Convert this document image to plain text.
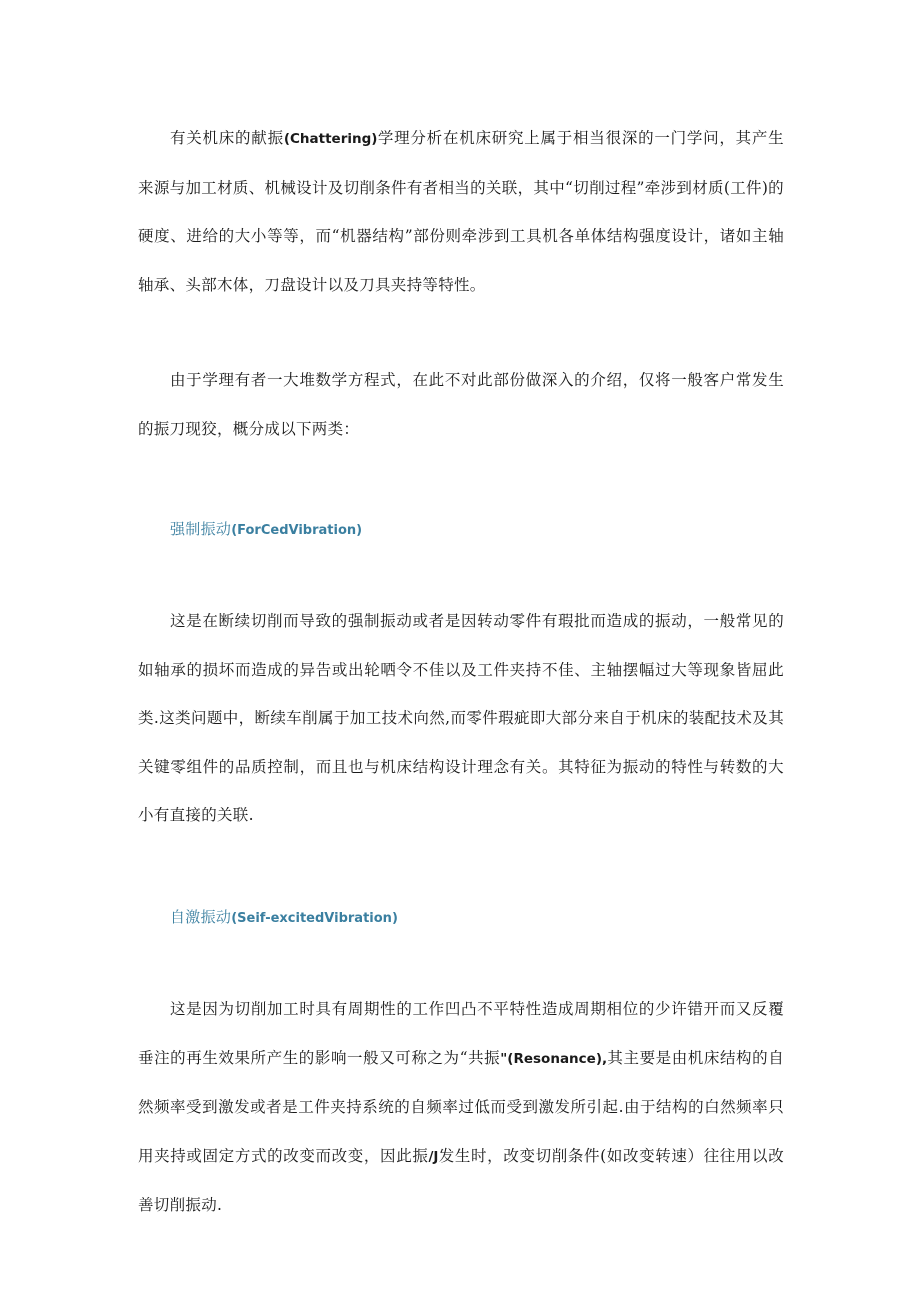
有关机床的献振(Chattering)学理分析在机床研究上属于相当很深的一门学问，其产生来源与加工材质、机械设计及切削条件有者相当的关联，其中“切削过程”牵涉到材质(工件)的硬度、进给的大小等等，而“机器结构”部份则牵涉到工具机各单体结构强度设计，诸如主轴轴承、头部木体，刀盘设计以及刀具夹持等特性。

由于学理有者一大堆数学方程式，在此不对此部份做深入的介绍，仅将一般客户常发生的振刀现狡，概分成以下两类：

强制振动(ForCedVibration)

这是在断续切削而导致的强制振动或者是因转动零件有瑕批而造成的振动，一般常见的如轴承的损坏而造成的异告或出轮哂令不佳以及工件夹持不佳、主轴摆幅过大等现象皆屈此类.这类问题中，断续车削属于加工技术向然,而零件瑕疵即大部分来自于机床的装配技术及其关键零组件的品质控制，而且也与机床结构设计理念有关。其特征为振动的特性与转数的大小有直接的关联.

自激振动(Seif-excitedVibration)

这是因为切削加工时具有周期性的工作凹凸不平特性造成周期相位的少许错开而又反覆垂注的再生效果所产生的影响一般又可称之为“共振"(Resonance),其主要是由机床结构的自然频率受到激发或者是工件夹持系统的自频率过低而受到激发所引起.由于结构的白然频率只用夹持或固定方式的改变而改变，因此振/J发生时，改变切削条件(如改变转速）往往用以改善切削振动.
